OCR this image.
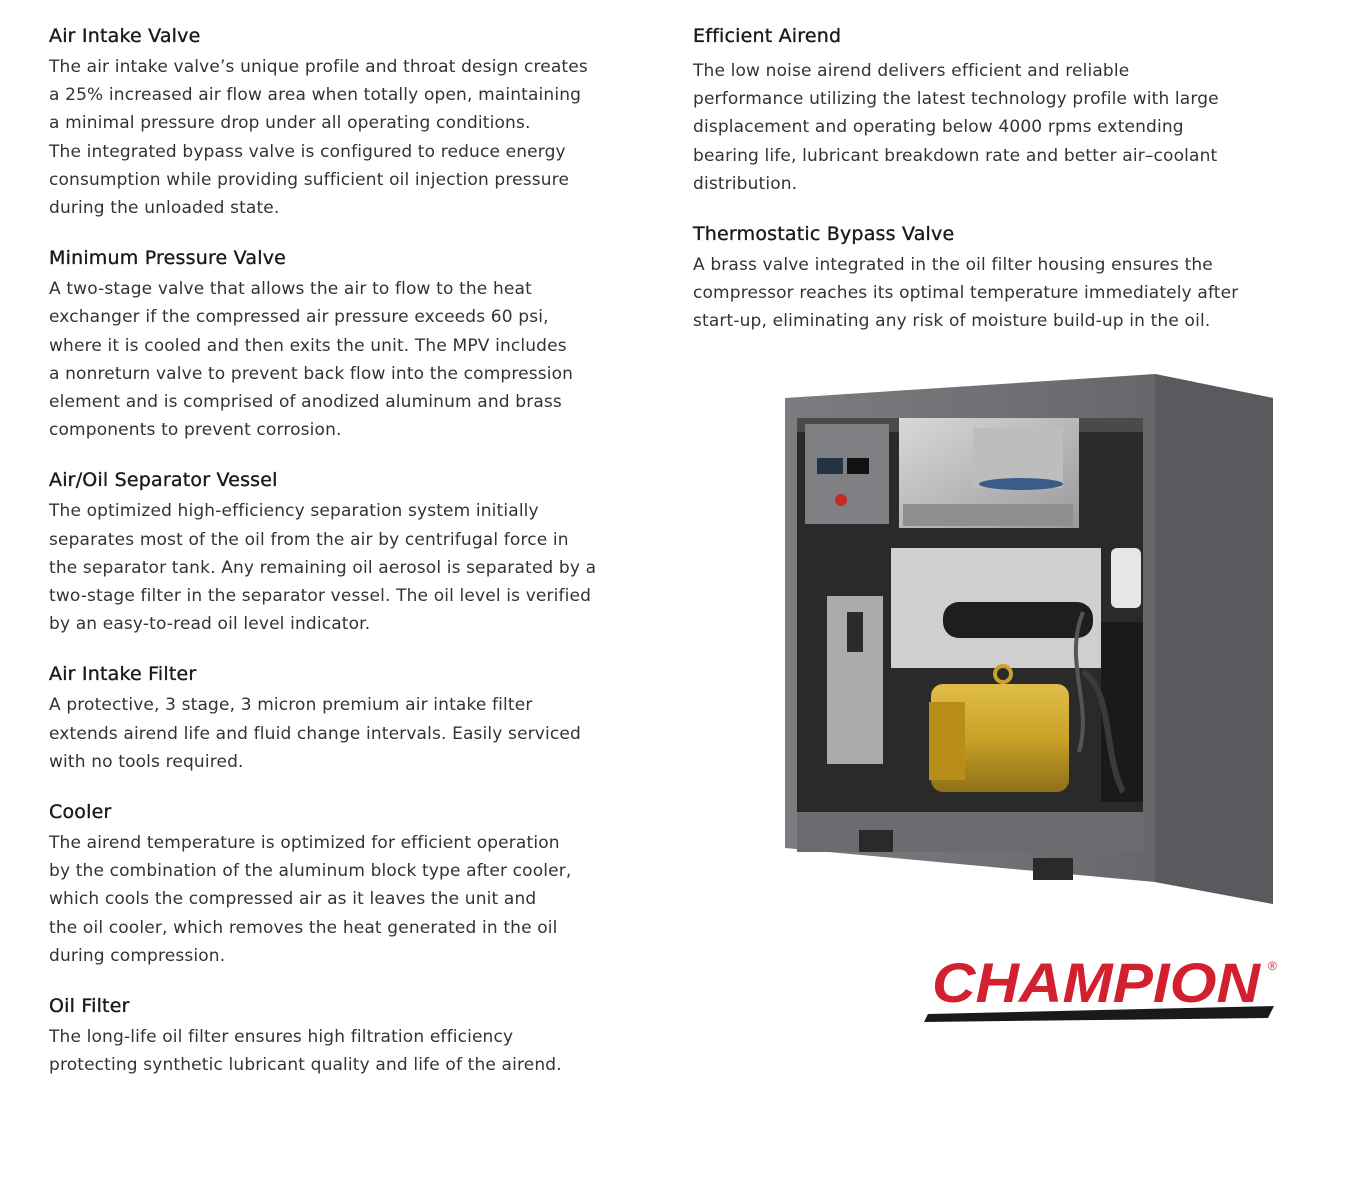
Air Intake Valve

The air intake valve’s unique profile and throat design creates
a 25% increased air flow area when totally open, maintaining
a minimal pressure drop under all operating conditions.
The integrated bypass valve is configured to reduce energy
consumption while providing sufficient oil injection pressure
during the unloaded state.

Minimum Pressure Valve

A two-stage valve that allows the air to flow to the heat
exchanger if the compressed air pressure exceeds 60 psi,
where it is cooled and then exits the unit. The MPV includes
a nonreturn valve to prevent back flow into the compression
element and is comprised of anodized aluminum and brass
components to prevent corrosion.

Air/Oil Separator Vessel

The optimized high-efficiency separation system initially
separates most of the oil from the air by centrifugal force in
the separator tank. Any remaining oil aerosol is separated by a
two-stage filter in the separator vessel. The oil level is verified
by an easy-to-read oil level indicator.

Air Intake Filter

A protective, 3 stage, 3 micron premium air intake filter
extends airend life and fluid change intervals. Easily serviced
with no tools required.

Cooler

The airend temperature is optimized for efficient operation
by the combination of the aluminum block type after cooler,
which cools the compressed air as it leaves the unit and
the oil cooler, which removes the heat generated in the oil
during compression.

Oil Filter

The long-life oil filter ensures high filtration efficiency
protecting synthetic lubricant quality and life of the airend.

Efficient Airend

The low noise airend delivers efficient and reliable
performance utilizing the latest technology profile with large
displacement and operating below 4000 rpms extending
bearing life, lubricant breakdown rate and better air–coolant
distribution.

Thermostatic Bypass Valve

A brass valve integrated in the oil filter housing ensures the
compressor reaches its optimal temperature immediately after
start-up, eliminating any risk of moisture build-up in the oil.

CHAMPION ®
